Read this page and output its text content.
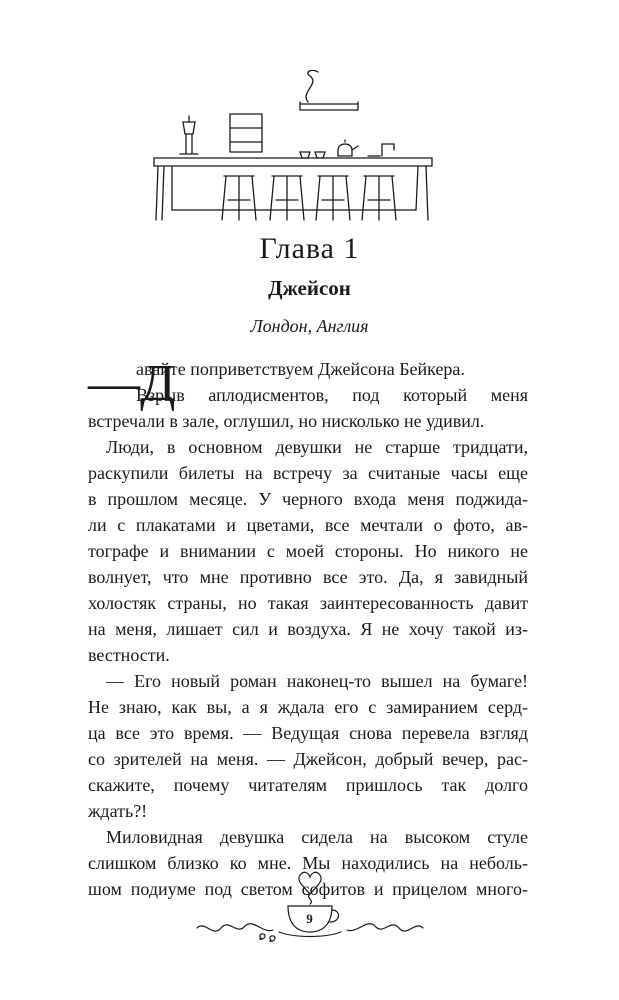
Глава 1
Джейсон
Лондон, Англия
—Д
авайте поприветствуем Джейсона Бейкера.
Взрыв аплодисментов, под который меня
встречали в зале, оглушил, но нисколько не удивил.
Люди, в основном девушки не старше тридцати,
раскупили билеты на встречу за считаные часы еще
в прошлом месяце. У черного входа меня поджида-
ли с плакатами и цветами, все мечтали о фото, ав-
тографе и внимании с моей стороны. Но никого не
волнует, что мне противно все это. Да, я завидный
холостяк страны, но такая заинтересованность давит
на меня, лишает сил и воздуха. Я не хочу такой из-
вестности.
— Его новый роман наконец-то вышел на бумаге!
Не знаю, как вы, а я ждала его с замиранием серд-
ца все это время. — Ведущая снова перевела взгляд
со зрителей на меня. — Джейсон, добрый вечер, рас-
скажите, почему читателям пришлось так долго
ждать?!
Миловидная девушка сидела на высоком стуле
слишком близко ко мне. Мы находились на неболь-
шом подиуме под светом софитов и прицелом много-
9
